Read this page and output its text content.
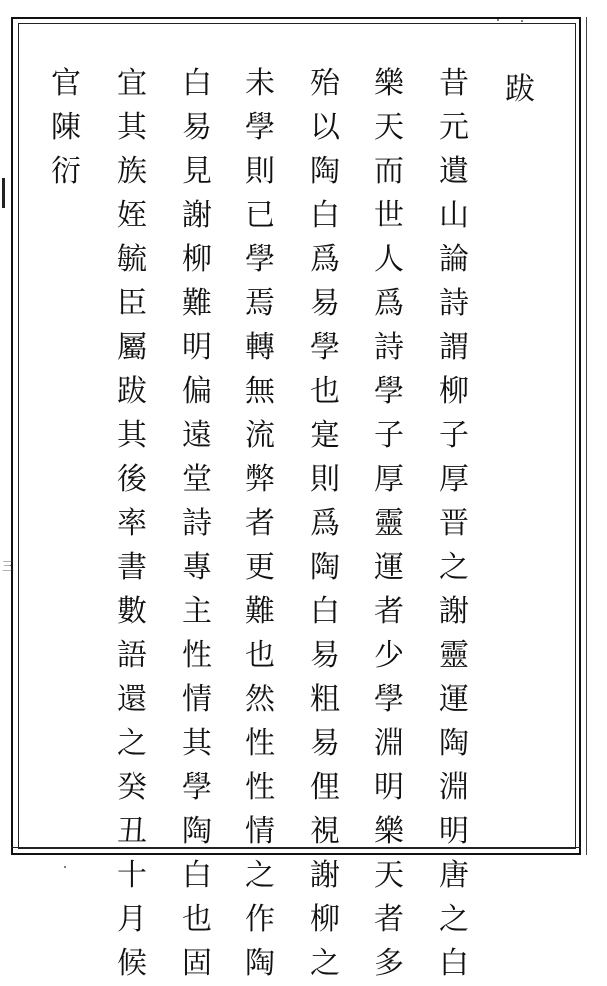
三
跋
昔
元
遺
山
論
詩
謂
柳
子
厚
晋
之
謝
靈
運
陶
淵
明
唐
之
白
樂
天
而
世
人
爲
詩
學
子
厚
靈
運
者
少
學
淵
明
樂
天
者
多
殆
以
陶
白
爲
易
學
也
寔
則
爲
陶
白
易
粗
易
俚
視
謝
柳
之
未
學
則
已
學
焉
轉
無
流
弊
者
更
難
也
然
性
性
情
之
作
陶
白
易
見
謝
柳
難
明
偏
遠
堂
詩
專
主
性
情
其
學
陶
白
也
固
宜
其
族
姪
毓
臣
屬
跋
其
後
率
書
數
語
還
之
癸
丑
十
月
候
官
陳
衍
